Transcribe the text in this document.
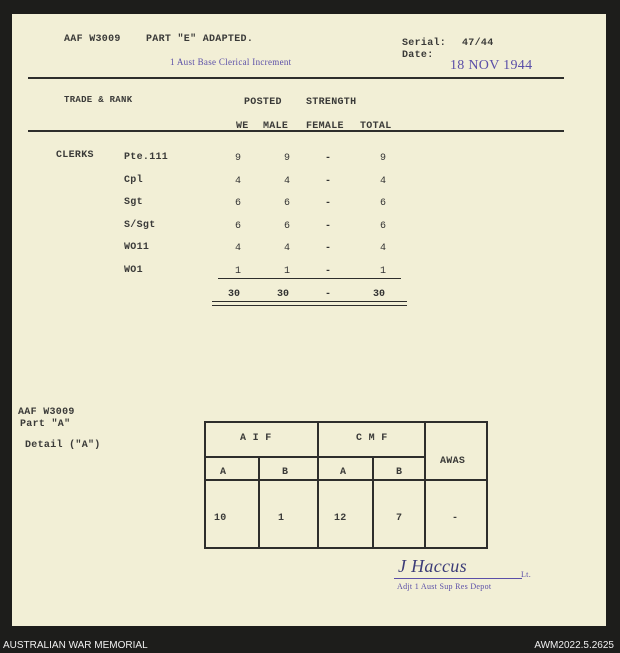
AAF W3009	PART "E" ADAPTED.
1 Aust Base Clerical Increment
Serial: 47/44
Date:
18 NOV 1944
TRADE & RANK	POSTED STRENGTH
WE MALE FEMALE TOTAL
CLERKS	Pte.111	9	9	-	9
Cpl	4	4	-	4
Sgt	6	6	-	6
S/Sgt	6	6	-	6
WO11	4	4	-	4
WO1	1	1	-	1
30	30	-	30
AAF W3009
Part "A"
Detail ("A")
A I F	C M F
AWAS
A	B	A	B
10	1	12	7	-
J Haccus	Lt.
Adjt 1 Aust Sup Res Depot
AUSTRALIAN WAR MEMORIAL	AWM2022.5.2625
